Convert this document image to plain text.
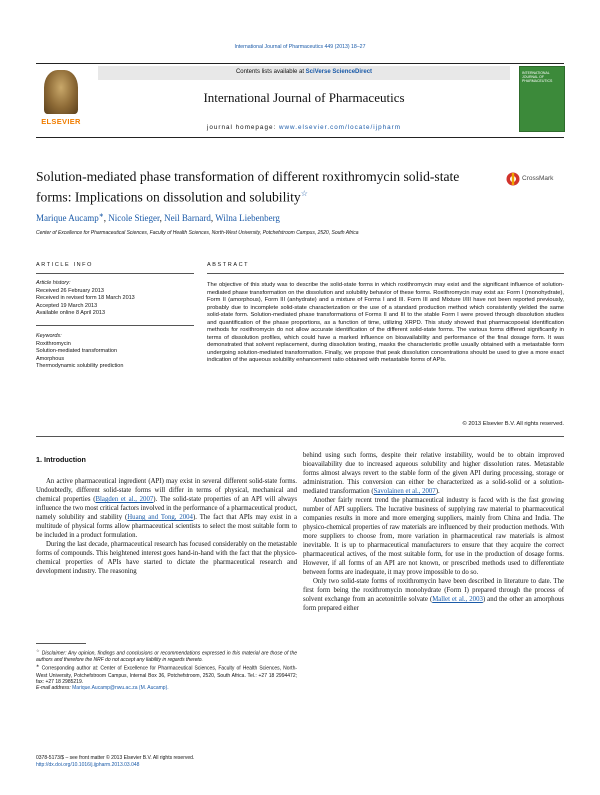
International Journal of Pharmaceutics 449 (2013) 18–27
ELSEVIER
Contents lists available at SciVerse ScienceDirect
International Journal of Pharmaceutics
journal homepage: www.elsevier.com/locate/ijpharm
INTERNATIONAL JOURNAL OF PHARMACEUTICS
Solution-mediated phase transformation of different roxithromycin solid-state forms: Implications on dissolution and solubility☆
CrossMark
Marique Aucamp∗, Nicole Stieger, Neil Barnard, Wilna Liebenberg
Center of Excellence for Pharmaceutical Sciences, Faculty of Health Sciences, North-West University, Potchefstroom Campus, 2520, South Africa
ARTICLE INFO	ABSTRACT
Article history:
Received 26 February 2013
Received in revised form 18 March 2013
Accepted 19 March 2013
Available online 8 April 2013
Keywords:
Roxithromycin
Solution-mediated transformation
Amorphous
Thermodynamic solubility prediction
The objective of this study was to describe the solid-state forms in which roxithromycin may exist and the significant influence of solution-mediated phase transformation on the dissolution and solubility behavior of these forms. Roxithromycin may exist as: Form I (monohydrate), Form II (amorphous), Form III (anhydrate) and a mixture of Forms I and III. Form III and Mixture I/III have not been reported previously, probably due to incomplete solid-state characterization or the use of a standard production method which consistently yielded the same solid-state form. Solution-mediated phase transformations of Forms II and III to the stable Form I were proved through dissolution studies and quantification of the phase proportions, as a function of time, utilizing XRPD. This study showed that pharmacopoeial identification methods for roxithromycin do not allow accurate identification of the different solid-state forms. The various forms differed significantly in terms of dissolution profiles, which could have a marked influence on bioavailability and performance of the final dosage form. It was demonstrated that solvent replacement, during dissolution testing, masks the characteristic profile usually obtained with a metastable form undergoing solution-mediated transformation. Finally, we propose that peak dissolution concentrations should be used to give a more exact indication of the aqueous solubility enhancement ratio obtained with metastable forms of APIs.
© 2013 Elsevier B.V. All rights reserved.
1. Introduction

An active pharmaceutical ingredient (API) may exist in several different solid-state forms. Undoubtedly, different solid-state forms will differ in terms of physical, mechanical and chemical properties (Blagden et al., 2007). The solid-state properties of an API will always influence the two most critical factors involved in the performance of a pharmaceutical product, namely solubility and stability (Huang and Tong, 2004). The fact that APIs may exist in a multitude of physical forms allow pharmaceutical scientists to select the most suitable form to be included in a product formulation.

During the last decade, pharmaceutical research has focused considerably on the metastable forms of compounds. This heightened interest goes hand-in-hand with the fact that the physico-chemical properties of APIs have started to dictate the pharmaceutical research and development industry. The reasoning

behind using such forms, despite their relative instability, would be to obtain improved bioavailability due to increased aqueous solubility and higher dissolution rates. Metastable forms almost always revert to the stable form of the given API during processing, storage or administration. This conversion can either be characterized as a solid-solid or a solution-mediated transformation (Savolainen et al., 2007).

Another fairly recent trend the pharmaceutical industry is faced with is the fast growing number of API suppliers. The lucrative business of supplying raw material to pharmaceutical companies results in more and more emerging suppliers, mainly from China and India. The physico-chemical properties of raw materials are influenced by their production methods. With more suppliers to choose from, more variation in pharmaceutical raw materials is almost inevitable. It is up to pharmaceutical manufacturers to ensure that they acquire the correct pharmaceutical actives, of the most suitable form, for use in the production of dosage forms. However, if all forms of an API are not known, or prescribed methods used to differentiate between forms are inadequate, it may prove impossible to do so.

Only two solid-state forms of roxithromycin have been described in literature to date. The first form being the roxithromycin monohydrate (Form I) prepared through the process of solvent exchange from an acetonitrile solvate (Mallet et al., 2003) and the other an amorphous form prepared either

☆ Disclaimer: Any opinion, findings and conclusions or recommendations expressed in this material are those of the authors and therefore the NRF do not accept any liability in regards thereto.

∗ Corresponding author at: Center of Excellence for Pharmaceutical Sciences, Faculty of Health Sciences, North-West University, Potchefstroom Campus, Internal Box 36, Potchefstroom, 2520, South Africa. Tel.: +27 18 2994472; fax: +27 18 2985219.

E-mail address: Marique.Aucamp@nwu.ac.za (M. Aucamp).

0378-5173/$ – see front matter © 2013 Elsevier B.V. All rights reserved.
http://dx.doi.org/10.1016/j.ijpharm.2013.03.048
